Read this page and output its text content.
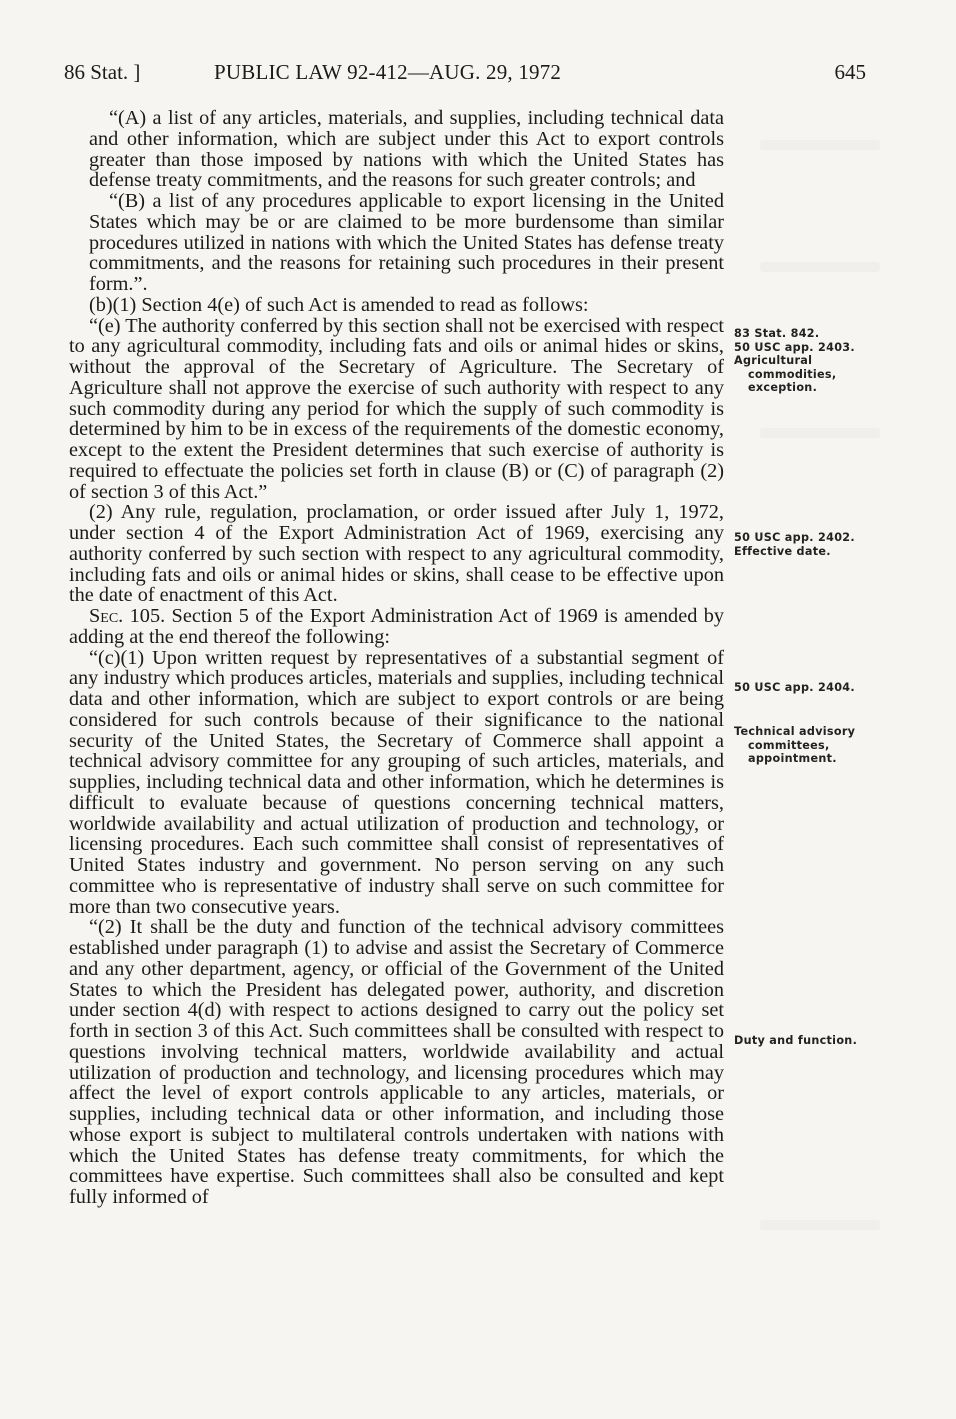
86 Stat. ]	PUBLIC LAW 92-412—AUG. 29, 1972	645

“(A) a list of any articles, materials, and supplies, including technical data and other information, which are subject under this Act to export controls greater than those imposed by nations with which the United States has defense treaty commitments, and the reasons for such greater controls; and

“(B) a list of any procedures applicable to export licensing in the United States which may be or are claimed to be more burdensome than similar procedures utilized in nations with which the United States has defense treaty commitments, and the reasons for retaining such procedures in their present form.”.

(b)(1) Section 4(e) of such Act is amended to read as follows:

“(e) The authority conferred by this section shall not be exercised with respect to any agricultural commodity, including fats and oils or animal hides or skins, without the approval of the Secretary of Agriculture. The Secretary of Agriculture shall not approve the exercise of such authority with respect to any such commodity during any period for which the supply of such commodity is determined by him to be in excess of the requirements of the domestic economy, except to the extent the President determines that such exercise of authority is required to effectuate the policies set forth in clause (B) or (C) of paragraph (2) of section 3 of this Act.”

(2) Any rule, regulation, proclamation, or order issued after July 1, 1972, under section 4 of the Export Administration Act of 1969, exercising any authority conferred by such section with respect to any agricultural commodity, including fats and oils or animal hides or skins, shall cease to be effective upon the date of enactment of this Act.

Sec. 105. Section 5 of the Export Administration Act of 1969 is amended by adding at the end thereof the following:

“(c)(1) Upon written request by representatives of a substantial segment of any industry which produces articles, materials and supplies, including technical data and other information, which are subject to export controls or are being considered for such controls because of their significance to the national security of the United States, the Secretary of Commerce shall appoint a technical advisory committee for any grouping of such articles, materials, and supplies, including technical data and other information, which he determines is difficult to evaluate because of questions concerning technical matters, worldwide availability and actual utilization of production and technology, or licensing procedures. Each such committee shall consist of representatives of United States industry and government. No person serving on any such committee who is representative of industry shall serve on such committee for more than two consecutive years.

“(2) It shall be the duty and function of the technical advisory committees established under paragraph (1) to advise and assist the Secretary of Commerce and any other department, agency, or official of the Government of the United States to which the President has delegated power, authority, and discretion under section 4(d) with respect to actions designed to carry out the policy set forth in section 3 of this Act. Such committees shall be consulted with respect to questions involving technical matters, worldwide availability and actual utilization of production and technology, and licensing procedures which may affect the level of export controls applicable to any articles, materials, or supplies, including technical data or other information, and including those whose export is subject to multilateral controls undertaken with nations with which the United States has defense treaty commitments, for which the committees have expertise. Such committees shall also be consulted and kept fully informed of

83 Stat. 842.

50 USC app. 2403.

Agricultural commodities, exception.

50 USC app. 2402.

Effective date.

50 USC app. 2404.

Technical advisory committees, appointment.

Duty and function.
